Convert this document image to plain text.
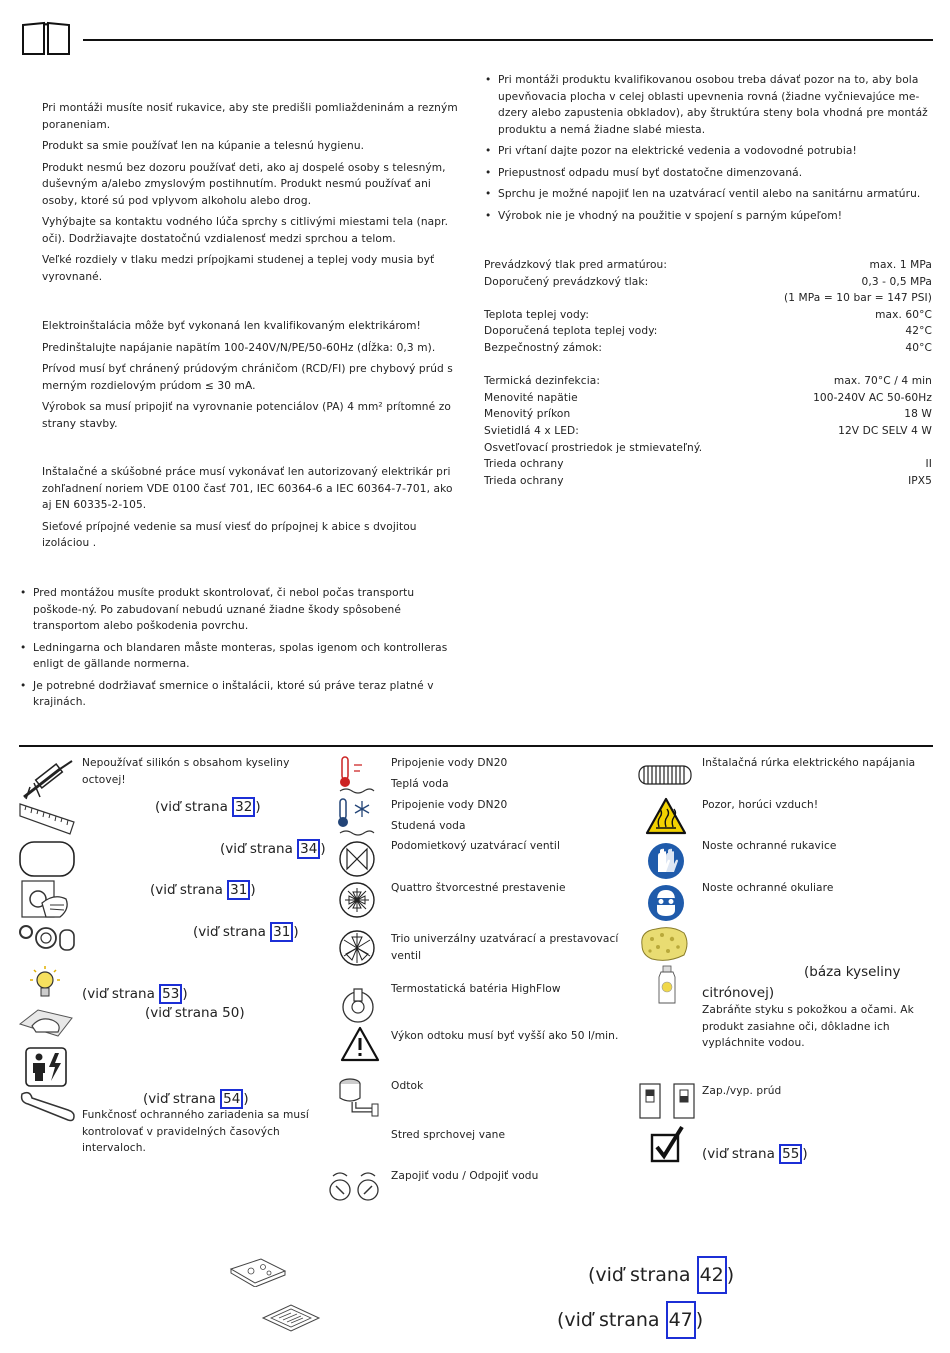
Pri montáži musíte nosiť rukavice, aby ste predišli pomliaždeninám a rezným poraneniam.

Produkt sa smie používať len na kúpanie a telesnú hygienu.

Produkt nesmú bez dozoru používať deti, ako aj dospelé osoby s telesným, duševným a/alebo zmyslovým postihnutím. Produkt nesmú používať ani osoby, ktoré sú pod vplyvom alkoholu alebo drog.

Vyhýbajte sa kontaktu vodného lúča sprchy s citlivými miestami tela (napr. oči). Dodržiavajte dostatočnú vzdialenosť medzi sprchou a telom.

Veľké rozdiely v tlaku medzi prípojkami studenej a teplej vody musia byť vyrovnané.

Elektroinštalácia môže byť vykonaná len kvalifikovaným elektrikárom!

Predinštalujte napájanie napätím 100-240V/N/PE/50-60Hz (dĺžka: 0,3 m).

Prívod musí byť chránený prúdovým chráničom (RCD/FI) pre chybový prúd s merným rozdielovým prúdom ≤ 30 mA.

Výrobok sa musí pripojiť na vyrovnanie potenciálov (PA) 4 mm² prítomné zo strany stavby.

Inštalačné a skúšobné práce musí vykonávať len autorizovaný elektrikár pri zohľadnení noriem VDE 0100 časť 701, IEC 60364-6 a IEC 60364-7-701, ako aj EN 60335-2-105.

Sieťové prípojné vedenie sa musí viesť do prípojnej k abice s dvojitou izoláciou .

• Pred montážou musíte produkt skontrolovať, či nebol počas transportu poškode-ný. Po zabudovaní nebudú uznané žiadne škody spôsobené transportom alebo poškodenia povrchu.
• Ledningarna och blandaren måste monteras, spolas igenom och kontrolleras enligt de gällande normerna.
• Je potrebné dodržiavať smernice o inštalácii, ktoré sú práve teraz platné v krajinách.
• Pri montáži produktu kvalifikovanou osobou treba dávať pozor na to, aby bola upevňovacia plocha v celej oblasti upevnenia rovná (žiadne vyčnievajúce me-dzery alebo zapustenia obkladov), aby štruktúra steny bola vhodná pre montáž produktu a nemá žiadne slabé miesta.
• Pri vŕtaní dajte pozor na elektrické vedenia a vodovodné potrubia!
• Priepustnosť odpadu musí byť dostatočne dimenzovaná.
• Sprchu je možné napojiť len na uzatvárací ventil alebo na sanitárnu armatúru.
• Výrobok nie je vhodný na použitie v spojení s parným kúpeľom!
Prevádzkový tlak pred armatúrou:	max. 1 MPa
Doporučený prevádzkový tlak:	0,3 - 0,5 MPa
(1 MPa = 10 bar = 147 PSI)
Teplota teplej vody:	max. 60°C
Doporučená teplota teplej vody:	42°C
Bezpečnostný zámok:	40°C
Termická dezinfekcia:	max. 70°C / 4 min
Menovité napätie	100-240V AC 50-60Hz
Menovitý príkon	18 W
Svietidlá 4 x LED:	12V DC SELV 4 W
Osvetľovací prostriedok je stmievateľný.
Trieda ochrany	II
Trieda ochrany	IPX5
Nepoužívať silikón s obsahom kyseliny octovej!
(viď strana 32 )
(viď strana 34 )
(viď strana 31 )
(viď strana 31 )
(viď strana 53 )
(viď strana 50)
(viď strana 54 )
Funkčnosť ochranného zariadenia sa musí kontrolovať v pravidelných časových intervaloch.
Pripojenie vody DN20
Teplá voda
Pripojenie vody DN20
Studená voda
Podomietkový uzatvárací ventil
Quattro štvorcestné prestavenie
Trio univerzálny uzatvárací a prestavovací ventil
Termostatická batéria HighFlow
Výkon odtoku musí byť vyšší ako 50 l/min.
Odtok
Stred sprchovej vane
Zapojiť vodu / Odpojiť vodu
Inštalačná rúrka elektrického napájania
Pozor, horúci vzduch!
Noste ochranné rukavice
Noste ochranné okuliare
(báza kyseliny citrónovej)
Zabráňte styku s pokožkou a očami. Ak produkt zasiahne oči, dôkladne ich vypláchnite vodou.
Zap./vyp. prúd
(viď strana 55 )
(viď strana 42 )
(viď strana 47 )
